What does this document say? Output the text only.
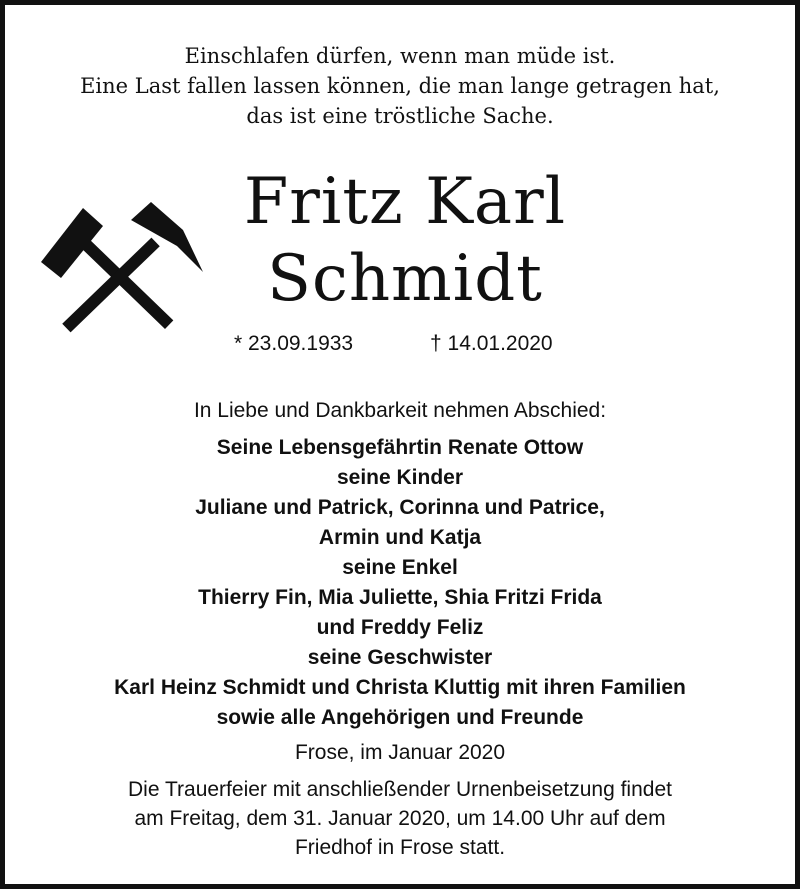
Einschlafen dürfen, wenn man müde ist.
Eine Last fallen lassen können, die man lange getragen hat,
das ist eine tröstliche Sache.
Fritz Karl
Schmidt
* 23.09.1933	† 14.01.2020
In Liebe und Dankbarkeit nehmen Abschied:
Seine Lebensgefährtin Renate Ottow
seine Kinder
Juliane und Patrick, Corinna und Patrice,
Armin und Katja
seine Enkel
Thierry Fin, Mia Juliette, Shia Fritzi Frida
und Freddy Feliz
seine Geschwister
Karl Heinz Schmidt und Christa Kluttig mit ihren Familien
sowie alle Angehörigen und Freunde
Frose, im Januar 2020
Die Trauerfeier mit anschließender Urnenbeisetzung findet
am Freitag, dem 31. Januar 2020, um 14.00 Uhr auf dem
Friedhof in Frose statt.
